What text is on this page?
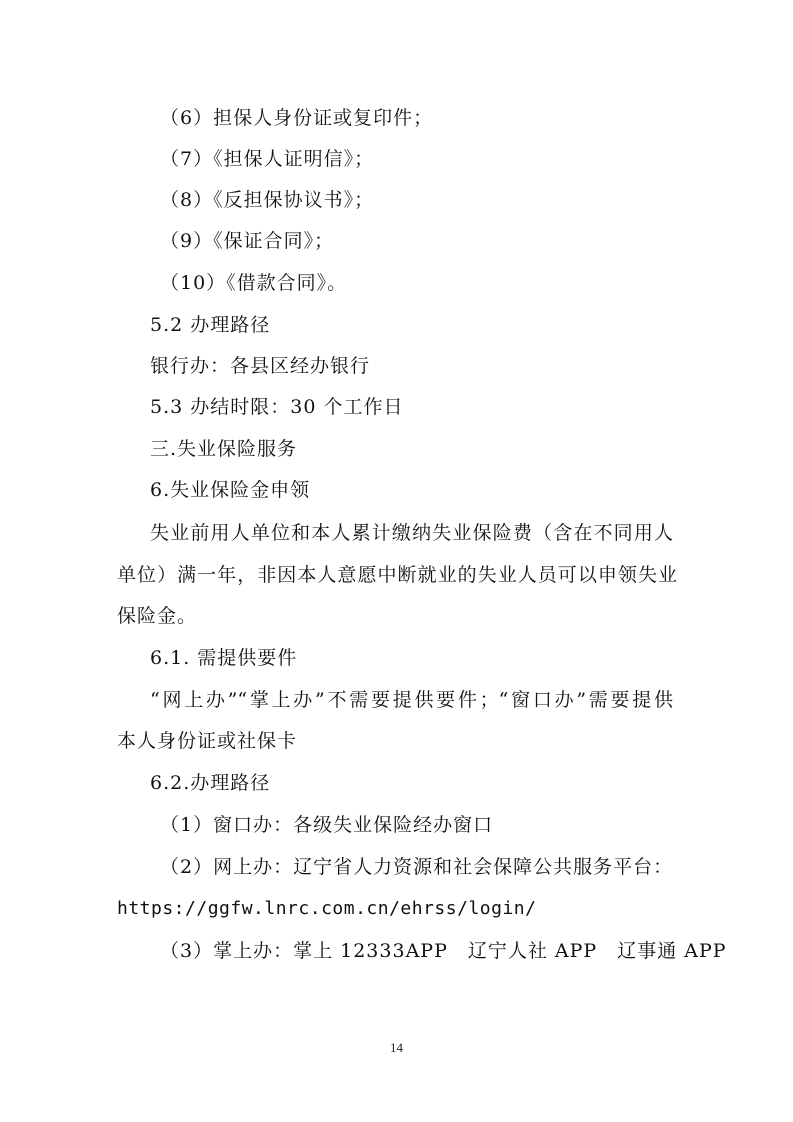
（6）担保人身份证或复印件；
（7）《担保人证明信》；
（8）《反担保协议书》；
（9）《保证合同》；
（10）《借款合同》。
5.2 办理路径
银行办：各县区经办银行
5.3 办结时限：30 个工作日
三.失业保险服务
6.失业保险金申领
失业前用人单位和本人累计缴纳失业保险费（含在不同用人
单位）满一年，非因本人意愿中断就业的失业人员可以申领失业
保险金。
6.1. 需提供要件
“网上办”“掌上办”不需要提供要件；“窗口办”需要提供
本人身份证或社保卡
6.2.办理路径
（1）窗口办：各级失业保险经办窗口
（2）网上办：辽宁省人力资源和社会保障公共服务平台：
https://ggfw.lnrc.com.cn/ehrss/login/
（3）掌上办：掌上 12333APP　辽宁人社 APP　辽事通 APP
14
